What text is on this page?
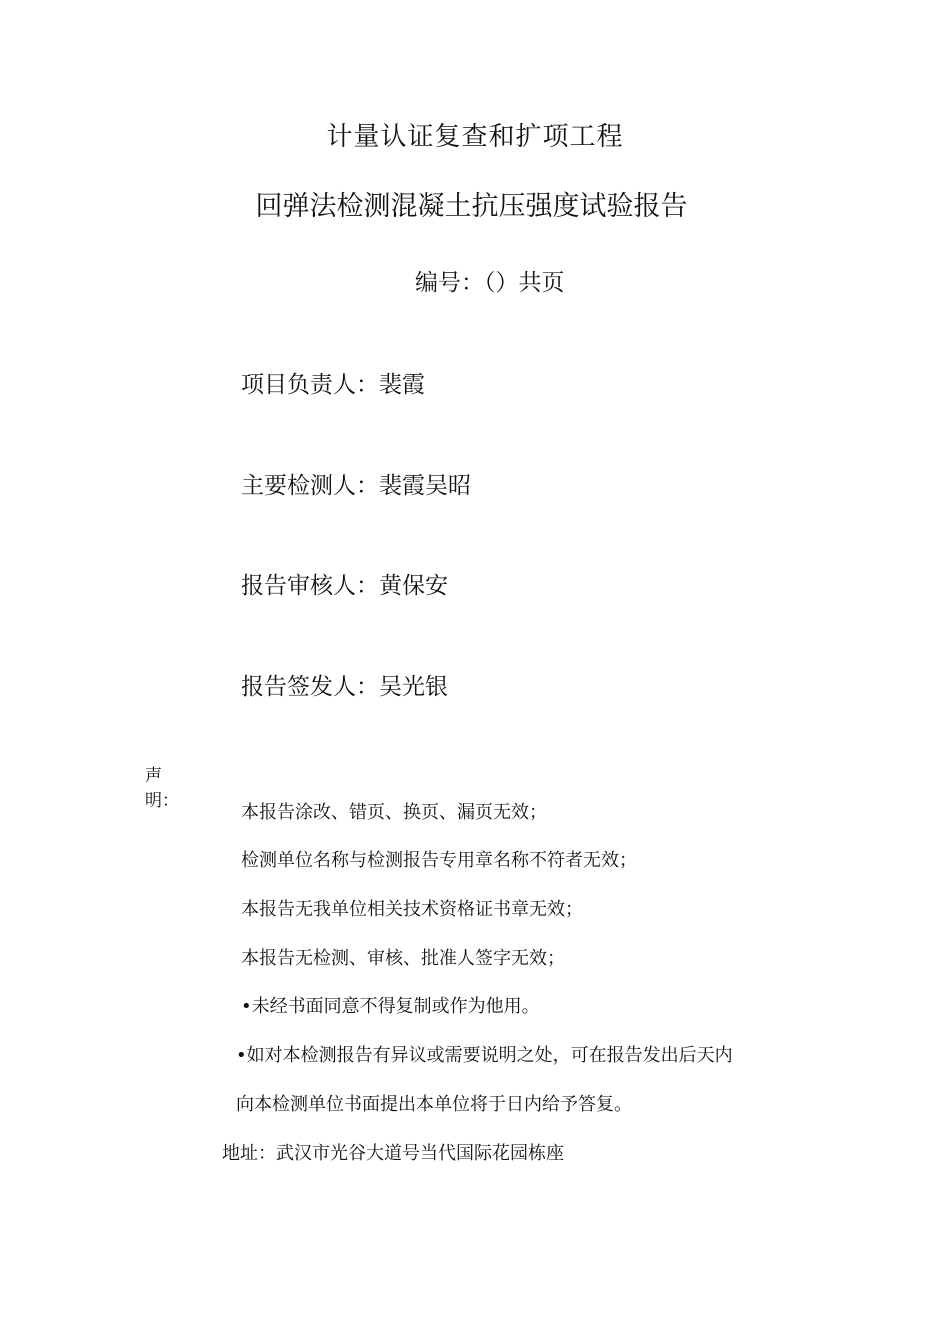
计量认证复查和扩项工程
回弹法检测混凝土抗压强度试验报告
编号：（）共页
项目负责人：裴霞
主要检测人：裴霞吴昭
报告审核人：黄保安
报告签发人：吴光银
声明：
本报告涂改、错页、换页、漏页无效；
检测单位名称与检测报告专用章名称不符者无效；
本报告无我单位相关技术资格证书章无效；
本报告无检测、审核、批准人签字无效；
•未经书面同意不得复制或作为他用。
•如对本检测报告有异议或需要说明之处，可在报告发出后天内
向本检测单位书面提出本单位将于日内给予答复。
地址：武汉市光谷大道号当代国际花园栋座
